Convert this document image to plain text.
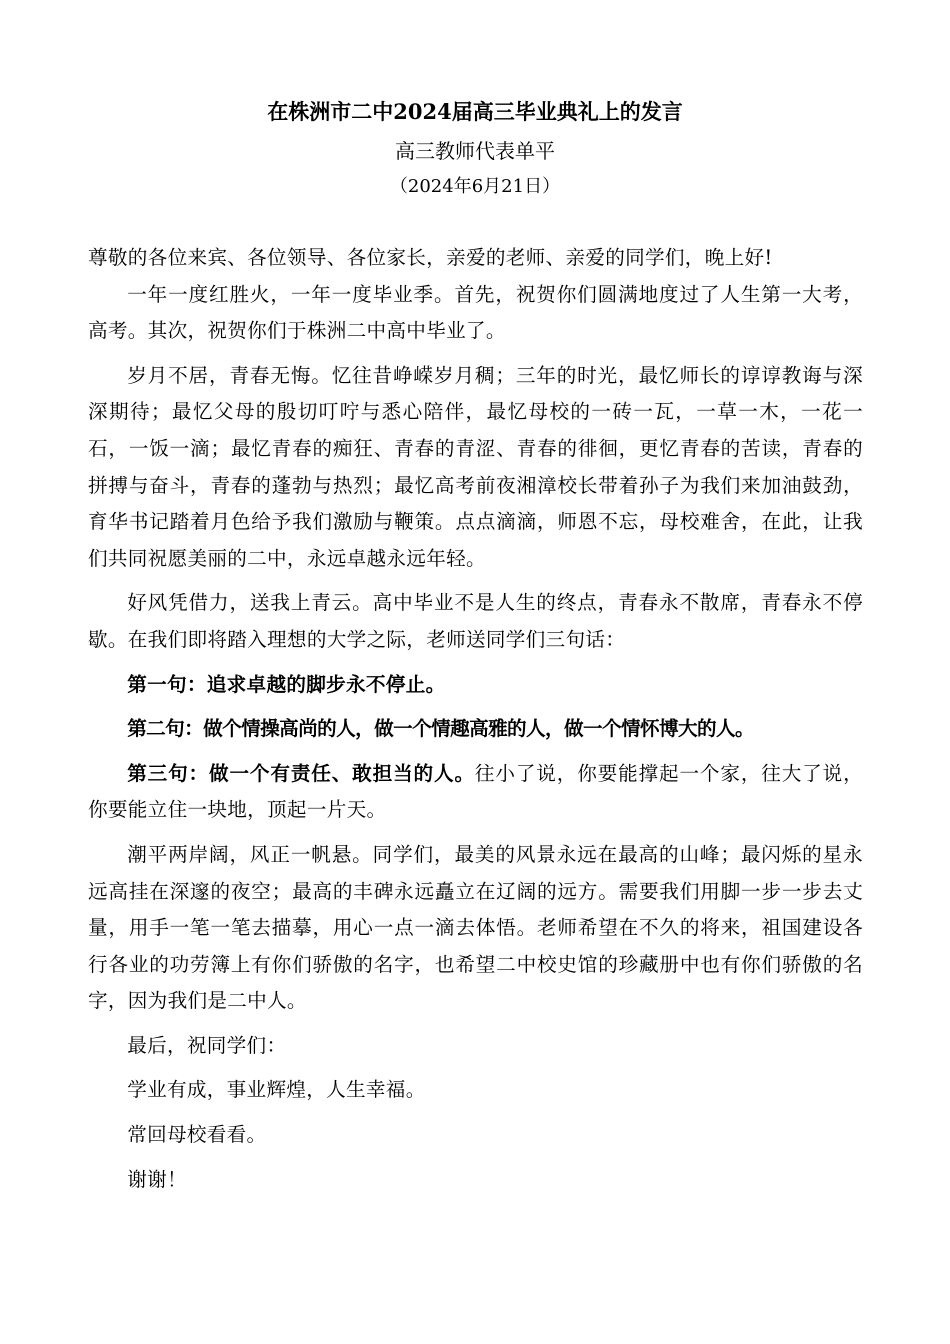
在株洲市二中2024届高三毕业典礼上的发言
高三教师代表单平
（2024年6月21日）

尊敬的各位来宾、各位领导、各位家长，亲爱的老师、亲爱的同学们，晚上好!

一年一度红胜火，一年一度毕业季。首先，祝贺你们圆满地度过了人生第一大考，高考。其次，祝贺你们于株洲二中高中毕业了。

岁月不居，青春无悔。忆往昔峥嵘岁月稠；三年的时光，最忆师长的谆谆教诲与深深期待；最忆父母的殷切叮咛与悉心陪伴，最忆母校的一砖一瓦，一草一木，一花一石，一饭一滴；最忆青春的痴狂、青春的青涩、青春的徘徊，更忆青春的苦读，青春的拼搏与奋斗，青春的蓬勃与热烈；最忆高考前夜湘漳校长带着孙子为我们来加油鼓劲，育华书记踏着月色给予我们激励与鞭策。点点滴滴，师恩不忘，母校难舍，在此，让我们共同祝愿美丽的二中，永远卓越永远年轻。

好风凭借力，送我上青云。高中毕业不是人生的终点，青春永不散席，青春永不停歇。在我们即将踏入理想的大学之际，老师送同学们三句话：

第一句：追求卓越的脚步永不停止。

第二句：做个情操高尚的人，做一个情趣高雅的人，做一个情怀博大的人。

第三句：做一个有责任、敢担当的人。往小了说，你要能撑起一个家，往大了说，你要能立住一块地，顶起一片天。

潮平两岸阔，风正一帆悬。同学们，最美的风景永远在最高的山峰；最闪烁的星永远高挂在深邃的夜空；最高的丰碑永远矗立在辽阔的远方。需要我们用脚一步一步去丈量，用手一笔一笔去描摹，用心一点一滴去体悟。老师希望在不久的将来，祖国建设各行各业的功劳簿上有你们骄傲的名字，也希望二中校史馆的珍藏册中也有你们骄傲的名字，因为我们是二中人。

最后，祝同学们：

学业有成，事业辉煌，人生幸福。

常回母校看看。

谢谢！
